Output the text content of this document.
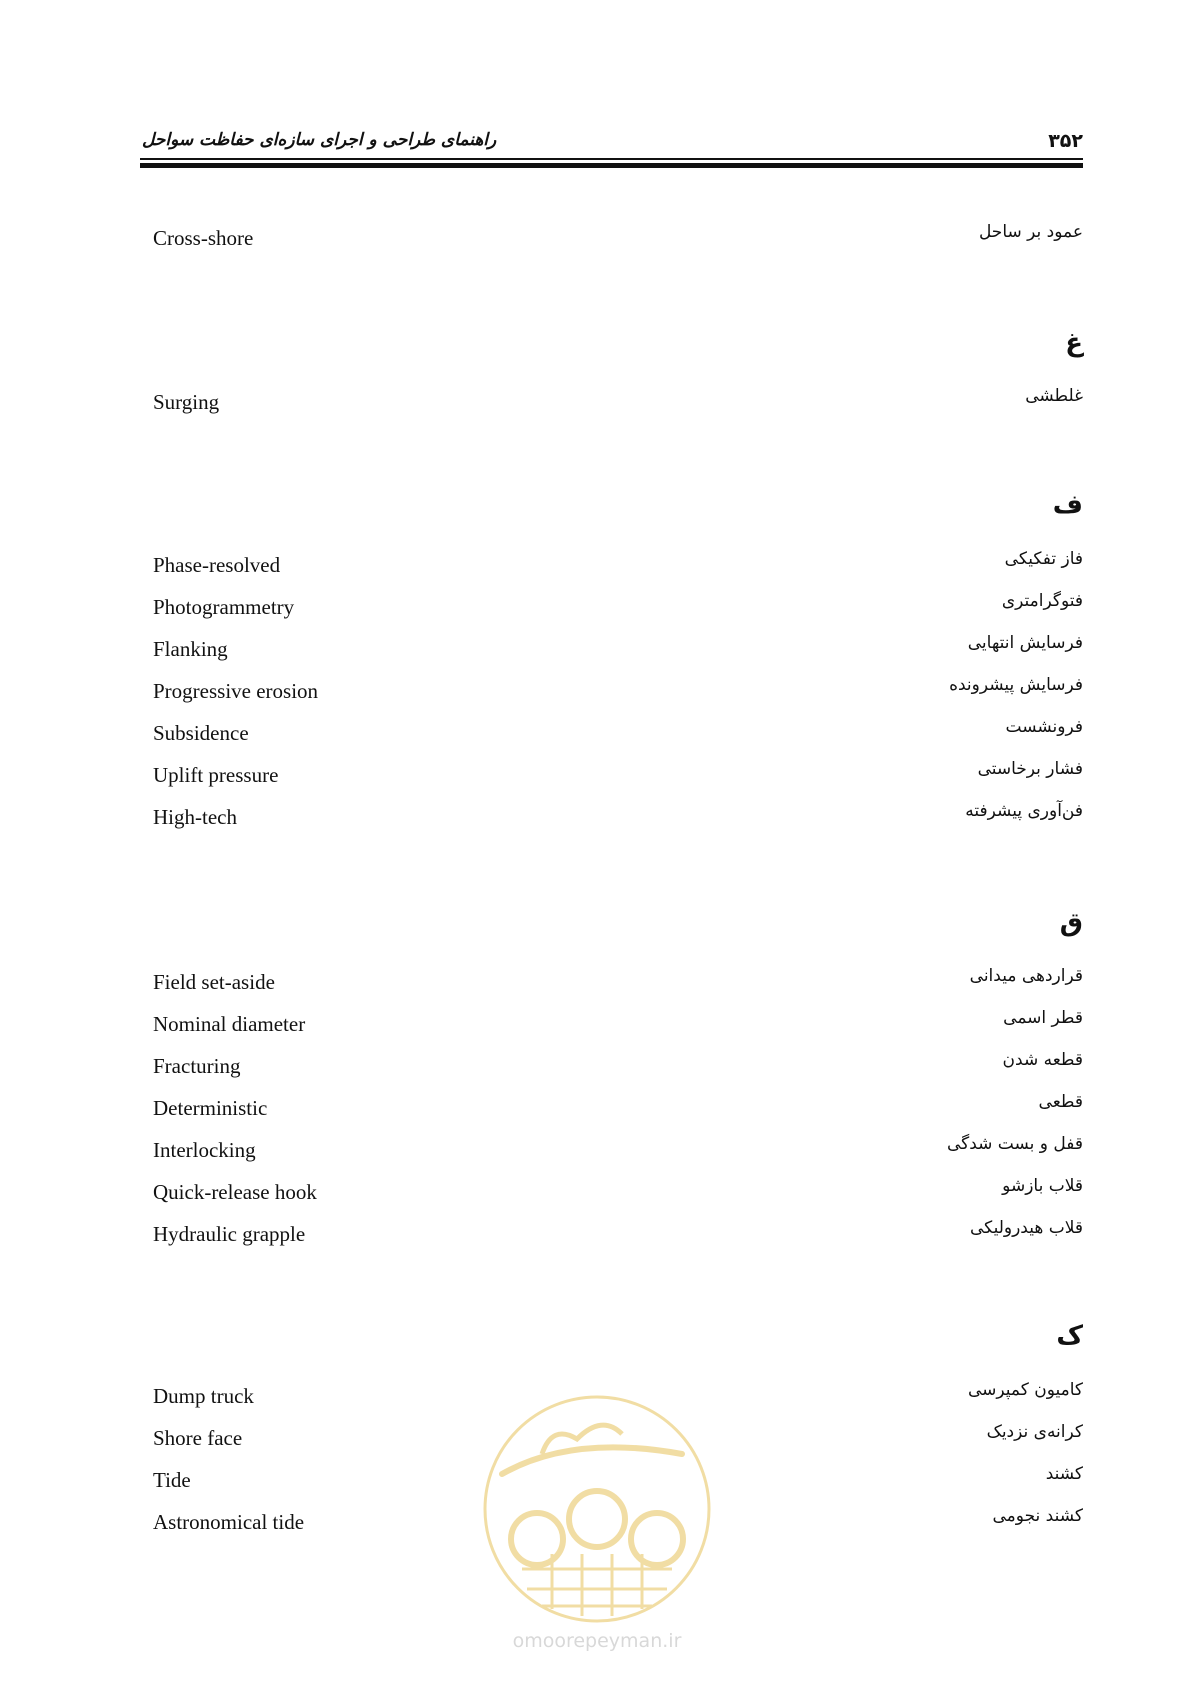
۳۵۲
راهنمای طراحی و اجرای سازه‌ای حفاظت سواحل
Cross-shore	عمود بر ساحل
غ
Surging	غلطشی
ف
Phase-resolved	فاز تفکیکی
Photogrammetry	فتوگرامتری
Flanking	فرسایش انتهایی
Progressive erosion	فرسایش پیشرونده
Subsidence	فرونشست
Uplift pressure	فشار برخاستی
High-tech	فن‌آوری پیشرفته
ق
Field set-aside	قراردهی میدانی
Nominal diameter	قطر اسمی
Fracturing	قطعه شدن
Deterministic	قطعی
Interlocking	قفل و بست شدگی
Quick-release hook	قلاب بازشو
Hydraulic grapple	قلاب هیدرولیکی
ک
Dump truck	کامیون کمپرسی
Shore face	کرانه‌ی نزدیک
Tide	کشند
Astronomical tide	کشند نجومی
omoorepeyman.ir
